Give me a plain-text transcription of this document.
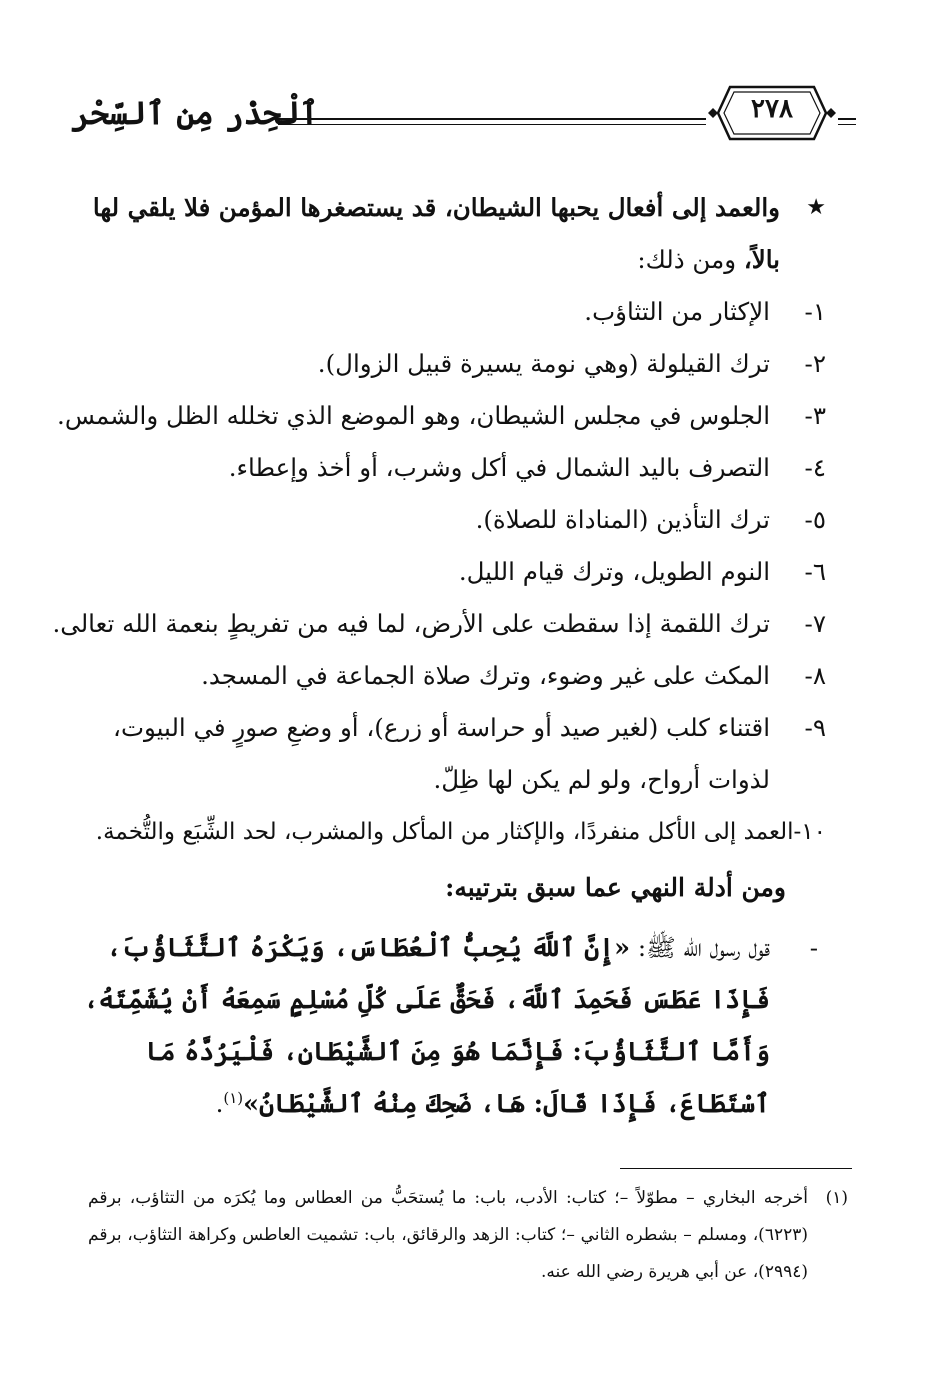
ٱلْحِذْر مِن ٱلسِّحْر	٢٧٨
★
والعمد إلى أفعال يحبها الشيطان، قد يستصغرها المؤمن فلا يلقي لها بالاً، ومن ذلك:
١-
الإكثار من التثاؤب.
٢-
ترك القيلولة (وهي نومة يسيرة قبيل الزوال).
٣-
الجلوس في مجلس الشيطان، وهو الموضع الذي تخلله الظل والشمس.
٤-
التصرف باليد الشمال في أكل وشرب، أو أخذ وإعطاء.
٥-
ترك التأذين (المناداة للصلاة).
٦-
النوم الطويل، وترك قيام الليل.
٧-
ترك اللقمة إذا سقطت على الأرض، لما فيه من تفريطٍ بنعمة الله تعالى.
٨-
المكث على غير وضوء، وترك صلاة الجماعة في المسجد.
٩-
اقتناء كلب (لغير صيد أو حراسة أو زرع)، أو وضعِ صورٍ في البيوت، لذوات أرواح، ولو لم يكن لها ظِلّ.
١٠-العمد إلى الأكل منفردًا، والإكثار من المأكل والمشرب، لحد الشِّبَع والتُّخمة.
ومن أدلة النهي عما سبق بترتيبه:
-
قول رسول الله ﷺ: «إِنَّ ٱللَّهَ يُحِبُّ ٱلْعُطَاسَ، وَيَكْرَهُ ٱلتَّثَاؤُبَ، فَإِذَا عَطَسَ فَحَمِدَ ٱللَّهَ، فَحَقٌّ عَلَى كُلِّ مُسْلِمٍ سَمِعَهُ أَنْ يُشَمِّتَهُ، وَأَمَّا ٱلتَّثَاؤُبَ: فَإِنَّمَا هُوَ مِنَ ٱلشَّيْطَانِ، فَلْيَرُدَّهُ مَا ٱسْتَطَاعَ، فَإِذَا قَالَ: هَا، ضَحِكَ مِنْهُ ٱلشَّيْطَانُ»$^{(١)}$.
(١)
أخرجه البخاري – مطوّلاً –؛ كتاب: الأدب، باب: ما يُستحَبُّ من العطاس وما يُكرَه من التثاؤب، برقم (٦٢٢٣)، ومسلم – بشطره الثاني –؛ كتاب: الزهد والرقائق، باب: تشميت العاطس وكراهة التثاؤب، برقم (٢٩٩٤)، عن أبي هريرة رضي الله عنه.
